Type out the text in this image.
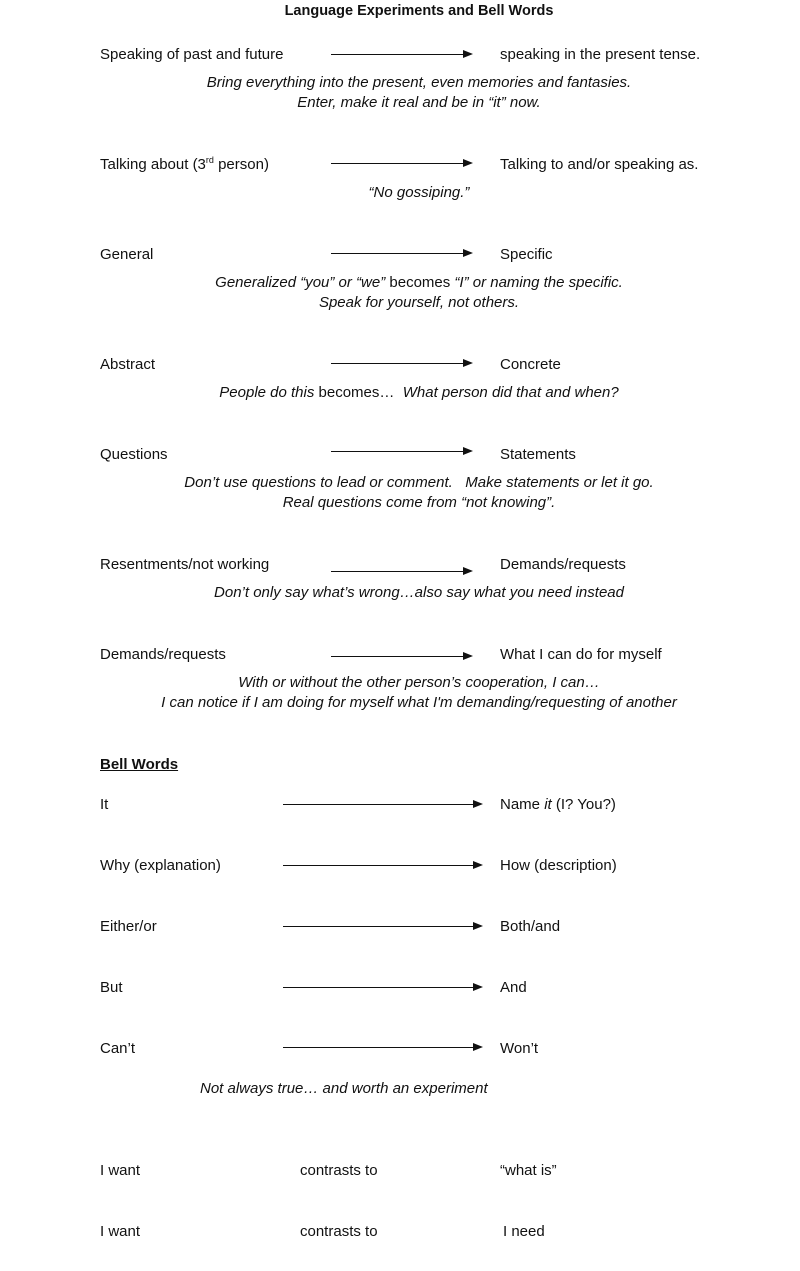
Language Experiments and Bell Words
Speaking of past and future	speaking in the present tense.
Bring everything into the present, even memories and fantasies.
Enter, make it real and be in “it” now.
Talking about (3rd person)	Talking to and/or speaking as.
“No gossiping.”
General	Specific
Generalized “you” or “we” becomes “I” or naming the specific.
Speak for yourself, not others.
Abstract	Concrete
People do this becomes…  What person did that and when?
Questions	Statements
Don’t use questions to lead or comment.   Make statements or let it go.
Real questions come from “not knowing”.
Resentments/not working	Demands/requests
Don’t only say what’s wrong…also say what you need instead
Demands/requests	What I can do for myself
With or without the other person’s cooperation, I can…
I can notice if I am doing for myself what I'm demanding/requesting of another
Bell Words
It	Name it (I? You?)
Why (explanation)	How (description)
Either/or	Both/and
But	And
Can’t	Won’t
Not always true… and worth an experiment
I want	contrasts to	“what is”
I want	contrasts to	I need
